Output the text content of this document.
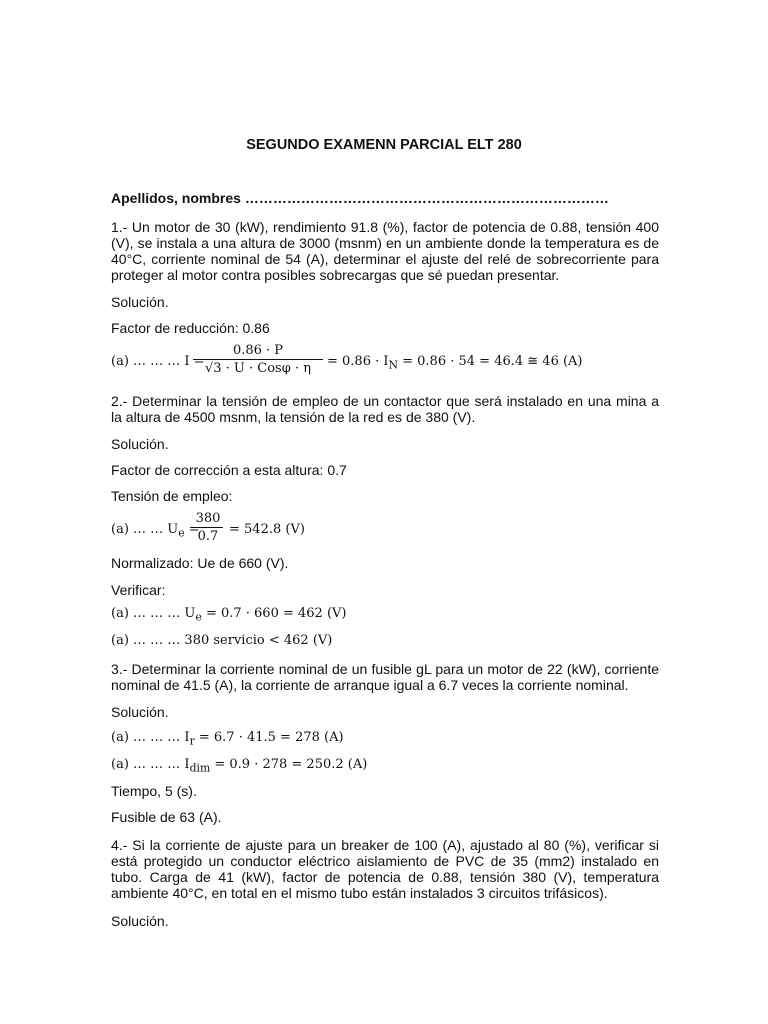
SEGUNDO EXAMENN PARCIAL ELT 280
Apellidos, nombres ……………………………………………………………………
1.- Un motor de 30 (kW), rendimiento 91.8 (%), factor de potencia de 0.88, tensión 400
(V), se instala a una altura de 3000 (msnm) en un ambiente donde la temperatura es de
40°C, corriente nominal de 54 (A), determinar el ajuste del relé de sobrecorriente para
proteger al motor contra posibles sobrecargas que sé puedan presentar.
Solución.
Factor de reducción: 0.86
(a) … … … I =
0.86 · P
√3 · U · Cosφ · η	= $0.86 \cdot I_N = 0.86 \cdot 54 = 46.4$ ≅ 46 (A)
2.- Determinar la tensión de empleo de un contactor que será instalado en una mina a
la altura de 4500 msnm, la tensión de la red es de 380 (V).
Solución.
Factor de corrección a esta altura: 0.7
Tensión de empleo:
(a) … … $U_e$ =
380
0.7 = 542.8 (V)
Normalizado: Ue de 660 (V).
Verificar:
(a) … … … $U_e = 0.7 \cdot 660 = 462$ (V)
(a) … … … 380 servicio < 462 (V)
3.- Determinar la corriente nominal de un fusible gL para un motor de 22 (kW), corriente
nominal de 41.5 (A), la corriente de arranque igual a 6.7 veces la corriente nominal.
Solución.
(a) … … … $I_r = 6.7 \cdot 41.5 = 278$ (A)
(a) … … … $I_{dim} = 0.9 \cdot 278 = 250.2$ (A)
Tiempo, 5 (s).
Fusible de 63 (A).
4.- Si la corriente de ajuste para un breaker de 100 (A), ajustado al 80 (%), verificar si
está protegido un conductor eléctrico aislamiento de PVC de 35 (mm2) instalado en
tubo. Carga de 41 (kW), factor de potencia de 0.88, tensión 380 (V), temperatura
ambiente 40°C, en total en el mismo tubo están instalados 3 circuitos trifásicos).
Solución.
